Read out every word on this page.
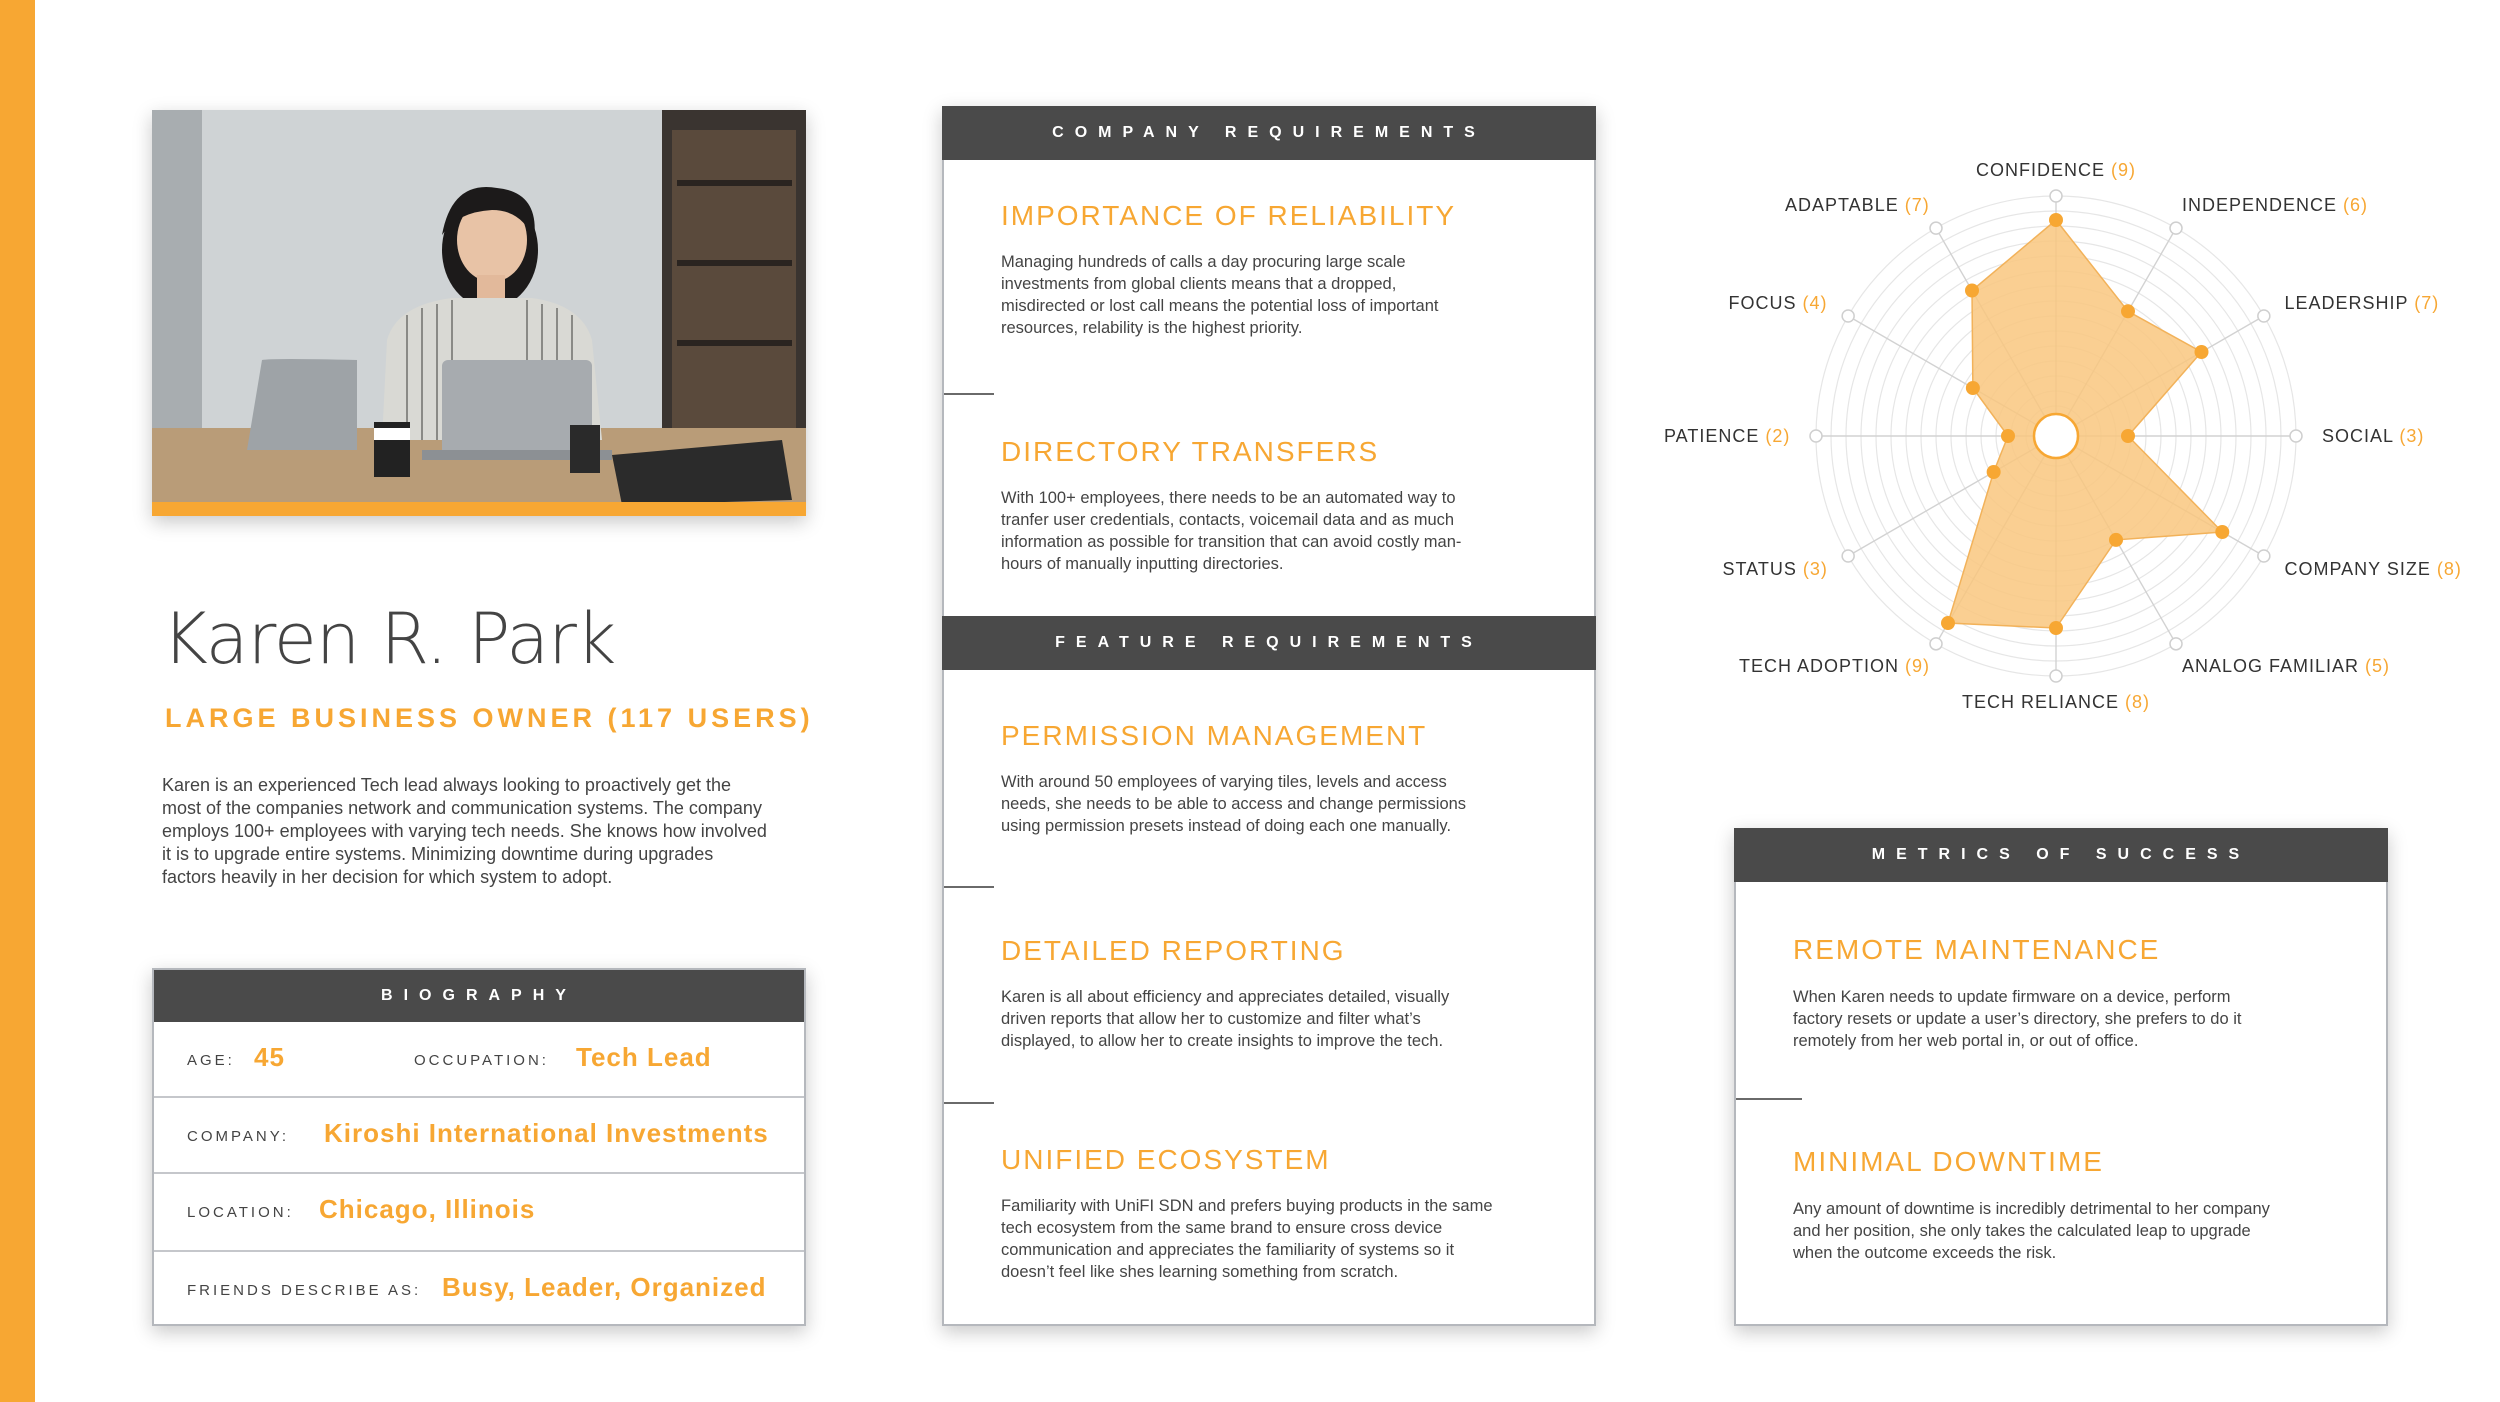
Karen R. Park
LARGE BUSINESS OWNER (117 USERS)
Karen is an experienced Tech lead always looking to proactively get the most of the companies network and communication systems. The company employs 100+ employees with varying tech needs. She knows how involved it is to upgrade entire systems. Minimizing downtime during upgrades factors heavily in her decision for which system to adopt.
BIOGRAPHY
AGE: 45	OCCUPATION: Tech Lead
COMPANY: Kiroshi International Investments
LOCATION: Chicago, Illinois
FRIENDS DESCRIBE AS: Busy, Leader, Organized
COMPANY REQUIREMENTS
IMPORTANCE OF RELIABILITY
Managing hundreds of calls a day procuring large scale investments from global clients means that a dropped, misdirected or lost call means the potential loss of important resources, relability is the highest priority.
DIRECTORY TRANSFERS
With 100+ employees, there needs to be an automated way to tranfer user credentials, contacts, voicemail data and as much information as possible for transition that can avoid costly man-hours of manually inputting directories.
FEATURE REQUIREMENTS
PERMISSION MANAGEMENT
With around 50 employees of varying tiles, levels and access needs, she needs to be able to access and change permissions using permission presets instead of doing each one manually.
DETAILED REPORTING
Karen is all about efficiency and appreciates detailed, visually driven reports that allow her to customize and filter what’s displayed, to allow her to create insights to improve the tech.
UNIFIED ECOSYSTEM
Familiarity with UniFI SDN and prefers buying products in the same tech ecosystem from the same brand to ensure cross device communication and appreciates the familiarity of systems so it doesn’t feel like shes learning something from scratch.
METRICS OF SUCCESS
REMOTE MAINTENANCE
When Karen needs to update firmware on a device, perform factory resets or update a user’s directory, she prefers to do it remotely from her web portal in, or out of office.
MINIMAL DOWNTIME
Any amount of downtime is incredibly detrimental to her company and her position, she only takes the calculated leap to upgrade when the outcome exceeds the risk.
CONFIDENCE (9)
INDEPENDENCE (6)
LEADERSHIP (7)
SOCIAL (3)
COMPANY SIZE (8)
ANALOG FAMILIAR (5)
TECH RELIANCE (8)
TECH ADOPTION (9)
STATUS (3)
PATIENCE (2)
FOCUS (4)
ADAPTABLE (7)
